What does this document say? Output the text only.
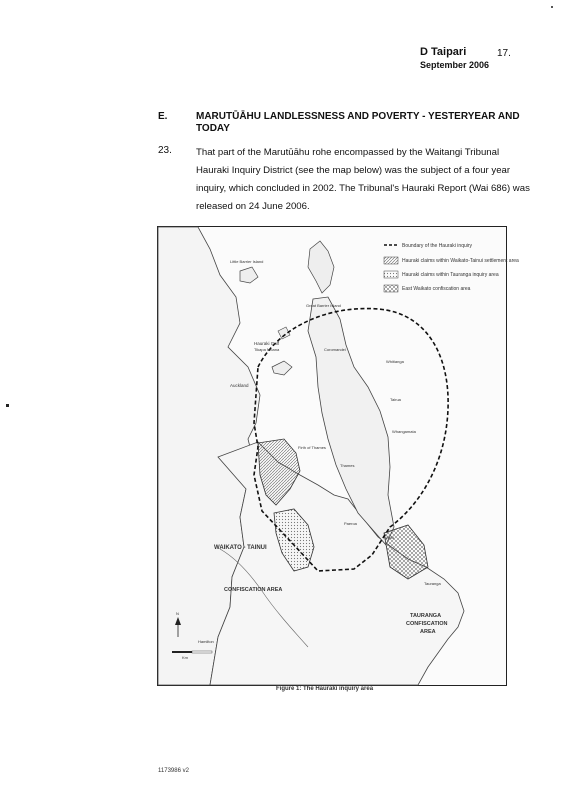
D Taipari	17.
September 2006
E.	MARUTŪĀHU LANDLESSNESS AND POVERTY - YESTERYEAR AND TODAY
23.	That part of the Marutūāhu rohe encompassed by the Waitangi Tribunal Hauraki Inquiry District (see the map below) was the subject of a four year inquiry, which concluded in 2002. The Tribunal's Hauraki Report (Wai 686) was released on 24 June 2006.
Boundary of the Hauraki inquiry
Hauraki claims within Waikato-Tainui settlement area
Hauraki claims within Tauranga inquiry area
East Waikato confiscation area
Little Barrier Island
Great Barrier Island
Hauraki Gulf
Tikapa Moana
Auckland
Coromandel
Whitianga
Tairua
Whangamata
Firth of Thames
Thames
Paeroa
Waihi
Tauranga
WAIKATO - TAINUI
CONFISCATION AREA
TAURANGA
CONFISCATION
AREA
Hamilton
N
Km
Figure 1: The Hauraki inquiry area
1173986 v2
